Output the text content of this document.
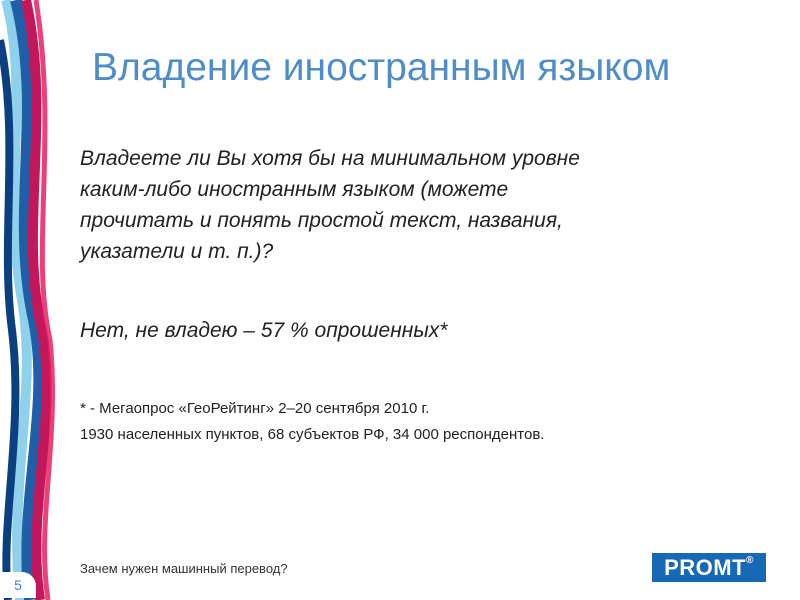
Владение иностранным языком
Владеете ли Вы хотя бы на минимальном уровне
каким-либо иностранным языком (можете
прочитать и понять простой текст, названия,
указатели и т. п.)?
Нет, не владею – 57 % опрошенных*
* - Мегаопрос «ГеоРейтинг» 2–20 сентября 2010 г.
1930 населенных пунктов, 68 субъектов РФ, 34 000 респондентов.
Зачем нужен машинный перевод?
5
PROMT®
